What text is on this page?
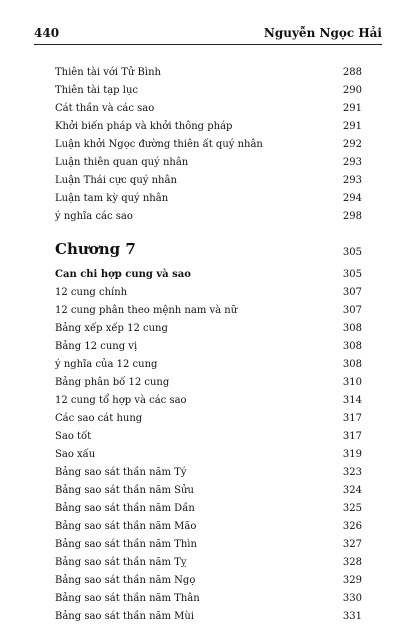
440	Nguyễn Ngọc Hải
Thiên tài với Tử Bình	288
Thiên tài tạp lục	290
Cát thần và các sao	291
Khởi biến pháp và khởi thông pháp	291
Luận khởi Ngọc đường thiên ất quý nhân	292
Luận thiên quan quý nhân	293
Luận Thái cực quý nhân	293
Luận tam kỳ quý nhân	294
ý nghĩa các sao	298
Chương 7	305
Can chi hợp cung và sao	305
12 cung chính	307
12 cung phân theo mệnh nam và nữ	307
Bảng xếp xếp 12 cung	308
Bảng 12 cung vị	308
ý nghĩa của 12 cung	308
Bảng phân bố 12 cung	310
12 cung tổ hợp và các sao	314
Các sao cát hung	317
Sao tốt	317
Sao xấu	319
Bảng sao sát thần năm Tý	323
Bảng sao sát thần năm Sửu	324
Bảng sao sát thần năm Dần	325
Bảng sao sát thần năm Mão	326
Bảng sao sát thần năm Thìn	327
Bảng sao sát thần năm Tỵ	328
Bảng sao sát thần năm Ngọ	329
Bảng sao sát thần năm Thân	330
Bảng sao sát thần năm Mùi	331
